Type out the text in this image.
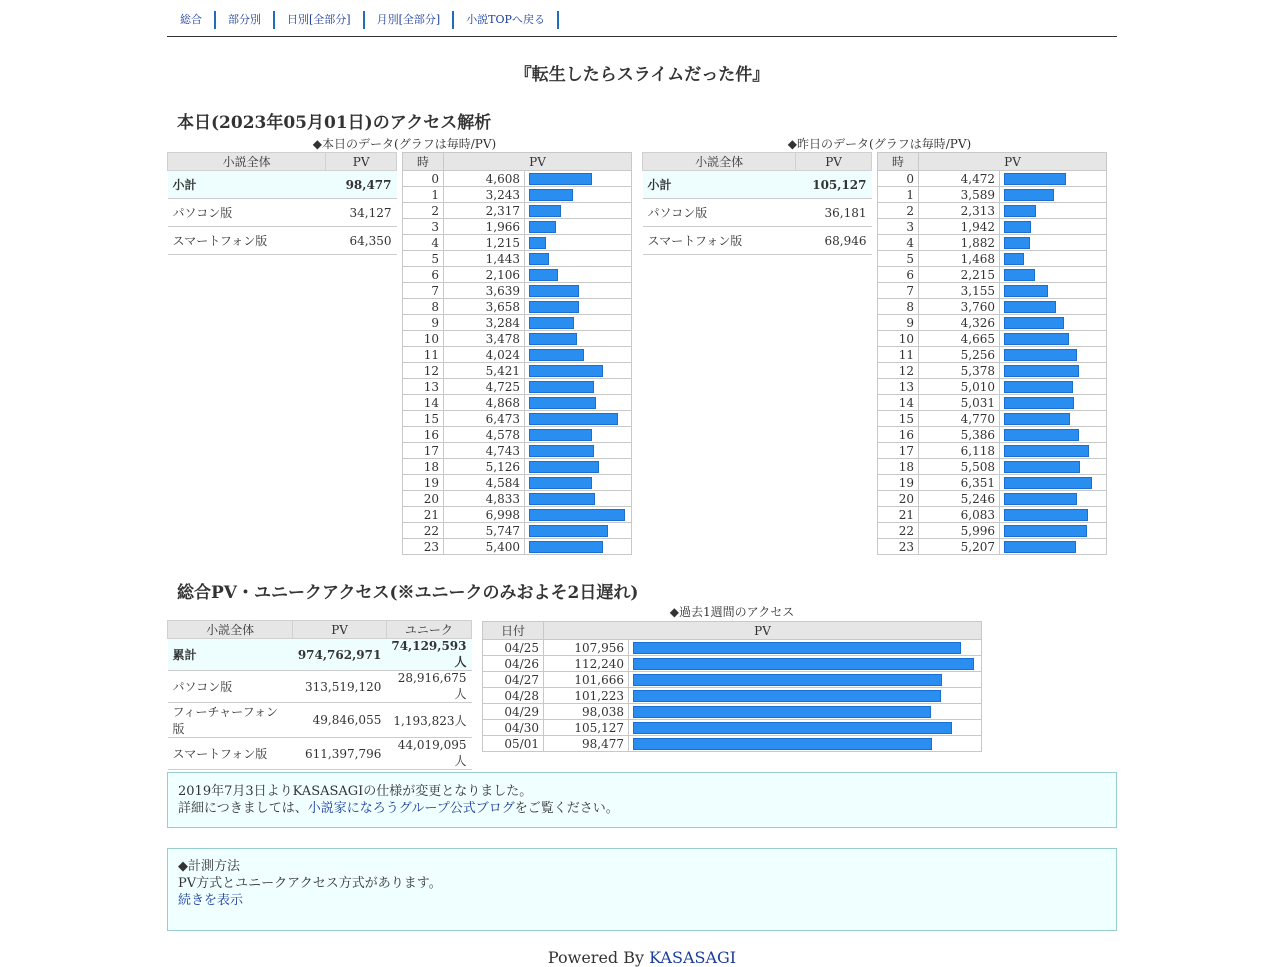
総合	部分別	日別[全部分]	月別[全部分]	小説TOPへ戻る
『転生したらスライムだった件』
本日(2023年05月01日)のアクセス解析
◆本日のデータ(グラフは毎時/PV)
小説全体	PV
小計	98,477
パソコン版	34,127
スマートフォン版	64,350
時	PV	
0	4,608	

1	3,243	

2	2,317	

3	1,966	

4	1,215	

5	1,443	

6	2,106	

7	3,639	

8	3,658	

9	3,284	

10	3,478	

11	4,024	

12	5,421	

13	4,725	

14	4,868	

15	6,473	

16	4,578	

17	4,743	

18	5,126	

19	4,584	

20	4,833	

21	6,998	

22	5,747	

23	5,400	
◆昨日のデータ(グラフは毎時/PV)
小説全体	PV
小計	105,127
パソコン版	36,181
スマートフォン版	68,946
時	PV	
0	4,472	

1	3,589	

2	2,313	

3	1,942	

4	1,882	

5	1,468	

6	2,215	

7	3,155	

8	3,760	

9	4,326	

10	4,665	

11	5,256	

12	5,378	

13	5,010	

14	5,031	

15	4,770	

16	5,386	

17	6,118	

18	5,508	

19	6,351	

20	5,246	

21	6,083	

22	5,996	

23	5,207	
総合PV・ユニークアクセス(※ユニークのみおよそ2日遅れ)
小説全体	PV	ユニーク
累計	974,762,971	74,129,593人
パソコン版	313,519,120	28,916,675人
フィーチャーフォン版	49,846,055	1,193,823人
スマートフォン版	611,397,796	44,019,095人
◆過去1週間のアクセス
日付	PV	
04/25	107,956	

04/26	112,240	

04/27	101,666	

04/28	101,223	

04/29	98,038	

04/30	105,127	

05/01	98,477	

2019年7月3日よりKASASAGIの仕様が変更となりました。

詳細につきましては、小説家になろうグループ公式ブログをご覧ください。

◆計測方法

PV方式とユニークアクセス方式があります。

続きを表示

Powered By KASASAGI
